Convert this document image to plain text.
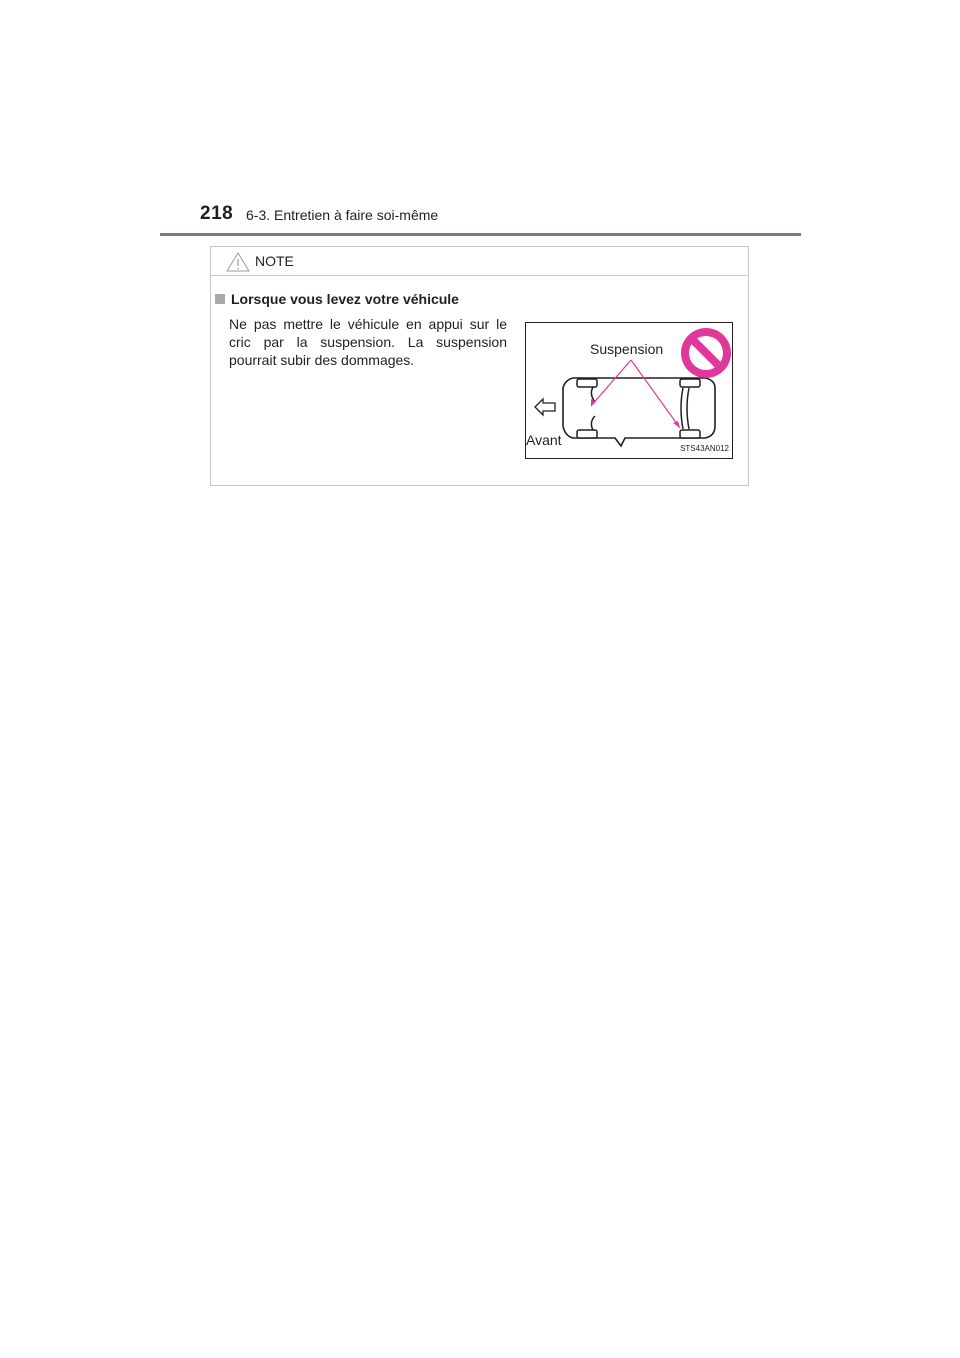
218 6-3. Entretien à faire soi-même
NOTE
Lorsque vous levez votre véhicule
Ne pas mettre le véhicule en appui sur le cric par la suspension. La suspension pourrait subir des dommages.
Suspension
Avant
STS43AN012
